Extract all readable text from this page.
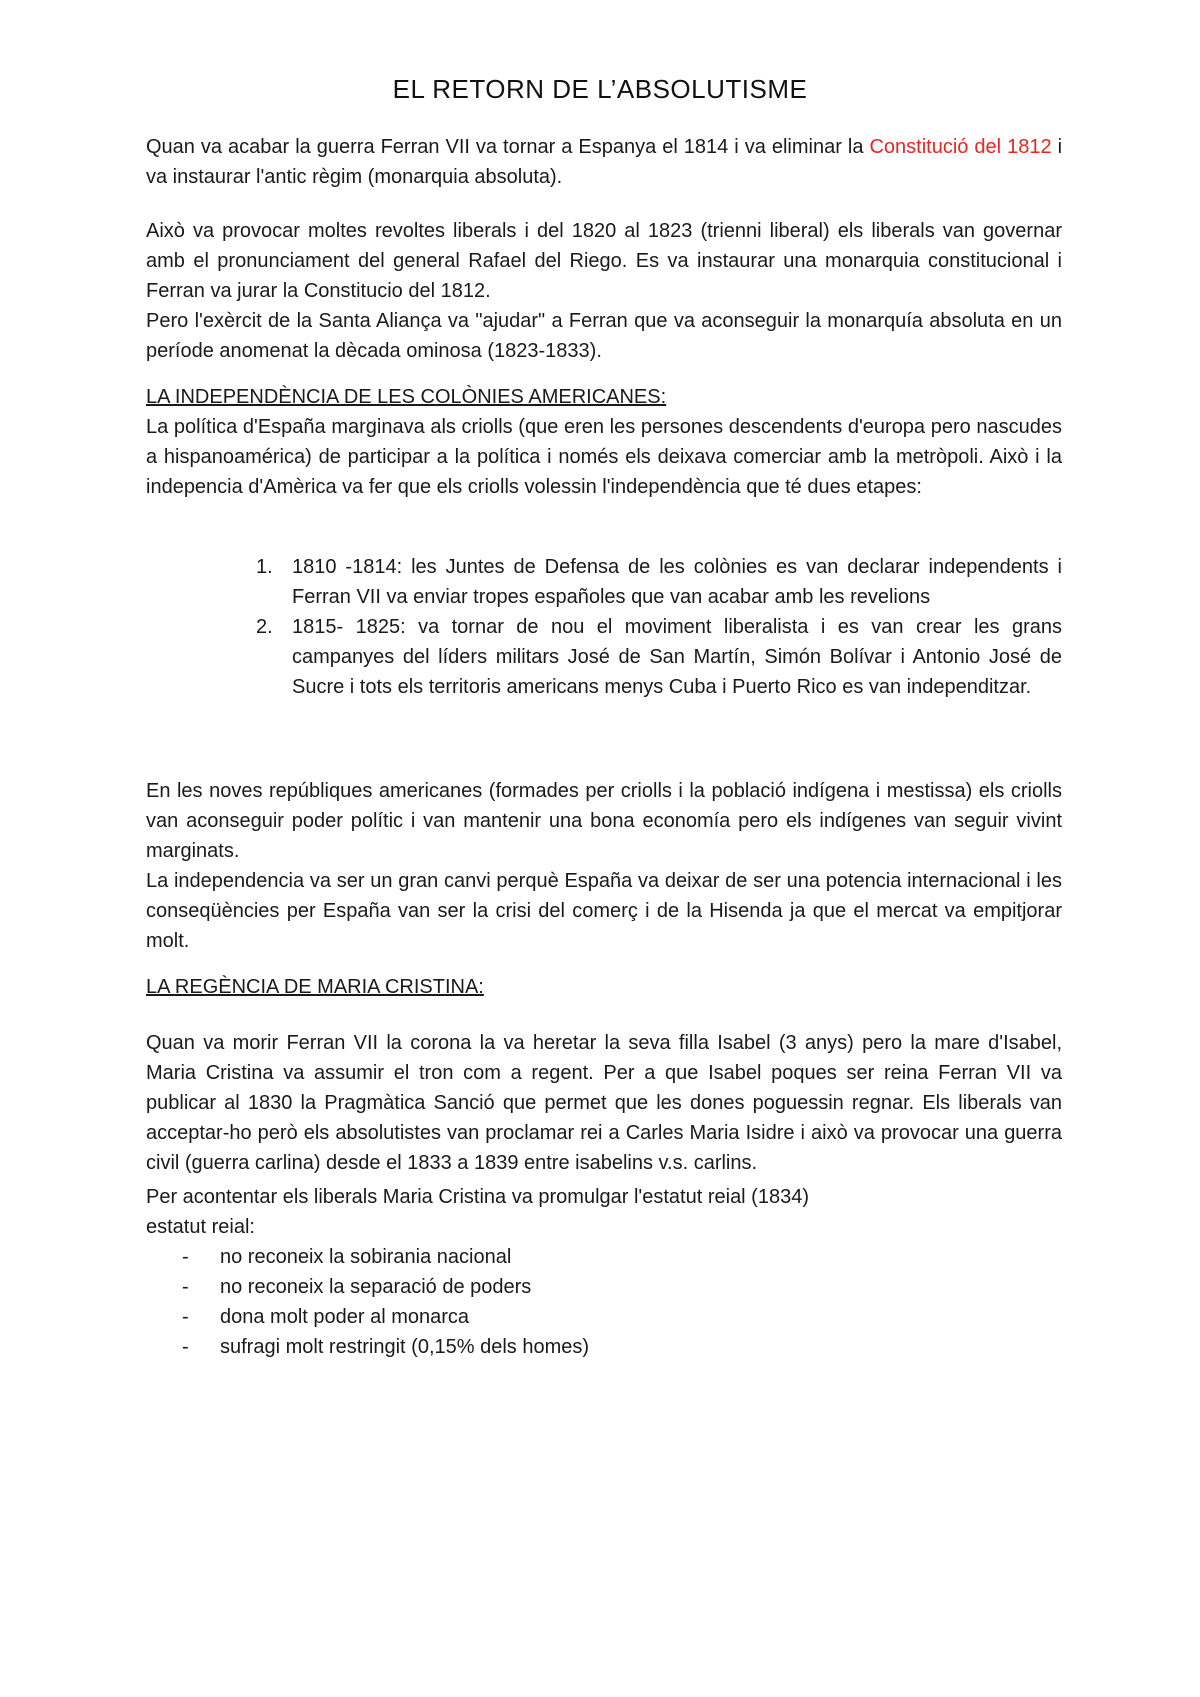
EL RETORN DE L’ABSOLUTISME
Quan va acabar la guerra Ferran VII va tornar a Espanya el 1814 i va eliminar la Constitució del 1812 i va instaurar l'antic règim (monarquia absoluta).

Això va provocar moltes revoltes liberals i del 1820 al 1823 (trienni liberal) els liberals van governar amb el pronunciament del general Rafael del Riego. Es va instaurar una monarquia constitucional i Ferran va jurar la Constitucio del 1812.

Pero l'exèrcit de la Santa Aliança va "ajudar" a Ferran que va aconseguir la monarquía absoluta en un període anomenat la dècada ominosa (1823-1833).

LA INDEPENDÈNCIA DE LES COLÒNIES AMERICANES:

La política d'España marginava als criolls (que eren les persones descendents d'europa pero nascudes a hispanoamérica) de participar a la política i només els deixava comerciar amb la metròpoli. Això i la indepencia d'Amèrica va fer que els criolls volessin l'independència que té dues etapes:

1. 1810 -1814: les Juntes de Defensa de les colònies es van declarar independents i Ferran VII va enviar tropes españoles que van acabar amb les revelions
2. 1815- 1825: va tornar de nou el moviment liberalista i es van crear les grans campanyes del líders militars José de San Martín, Simón Bolívar i Antonio José de Sucre i tots els territoris americans menys Cuba i Puerto Rico es van independitzar.

En les noves repúbliques americanes (formades per criolls i la població indígena i mestissa) els criolls van aconseguir poder polític i van mantenir una bona economía pero els indígenes van seguir vivint marginats.

La independencia va ser un gran canvi perquè España va deixar de ser una potencia internacional i les conseqüències per España van ser la crisi del comerç i de la Hisenda ja que el mercat va empitjorar molt.

LA REGÈNCIA DE MARIA CRISTINA:
Quan va morir Ferran VII la corona la va heretar la seva filla Isabel (3 anys) pero la mare d'Isabel, Maria Cristina va assumir el tron com a regent. Per a que Isabel poques ser reina Ferran VII va publicar al 1830 la Pragmàtica Sanció que permet que les dones poguessin regnar. Els liberals van acceptar-ho però els absolutistes van proclamar rei a Carles Maria Isidre i això va provocar una guerra civil (guerra carlina) desde el 1833 a 1839 entre isabelins v.s. carlins.
Per acontentar els liberals Maria Cristina va promulgar l'estatut reial (1834)
estatut reial:
- no reconeix la sobirania nacional
- no reconeix la separació de poders
- dona molt poder al monarca
- sufragi molt restringit (0,15% dels homes)
